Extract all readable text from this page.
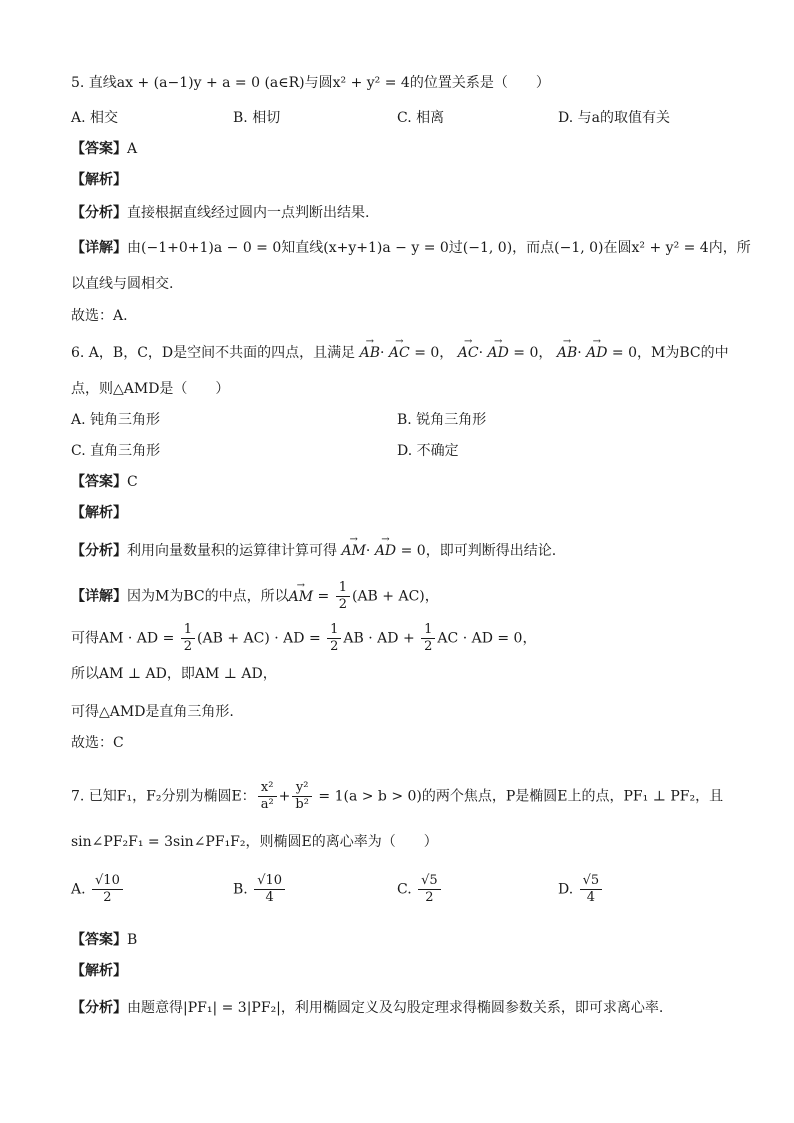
5. 直线ax + (a−1)y + a = 0 (a∈R)与圆x² + y² = 4的位置关系是（　　）
A. 相交	B. 相切	C. 相离	D. 与a的取值有关
【答案】A
【解析】
【分析】直接根据直线经过圆内一点判断出结果.
【详解】由(−1+0+1)a − 0 = 0知直线(x+y+1)a − y = 0过(−1, 0)，而点(−1, 0)在圆x² + y² = 4内，所
以直线与圆相交.
故选：A.
6. A，B，C，D是空间不共面的四点，且满足 → AB· → AC = 0， → AC· → AD = 0， → AB· → AD = 0，M为BC的中
点，则△AMD是（　　）
A. 钝角三角形	B. 锐角三角形
C. 直角三角形	D. 不确定
【答案】C
【解析】
【分析】利用向量数量积的运算律计算可得 → AM· → AD = 0，即可判断得出结论.
【详解】因为M为BC的中点，所以→ AM = $\frac{1}{2} (AB + AC)$，
可得AM · AD = $\frac{1}{2} (AB + AC)$ · AD = $\frac{1}{2}$ AB · AD + $\frac{1}{2}$ AC · AD = 0，
所以AM ⊥ AD，即AM ⊥ AD，
可得△AMD是直角三角形.
故选：C
7. 已知F₁，F₂分别为椭圆E： $\frac{\text{x²}}{\text{a²}} + \frac{\text{y²}}{\text{b²}} = 1(a > b > 0)$的两个焦点，P是椭圆E上的点，PF₁ ⊥ PF₂，且
sin∠PF₂F₁ = 3sin∠PF₁F₂，则椭圆E的离心率为（　　）
A. $\frac{√10}{2}$	B. $\frac{√10}{4}$	C. $\frac{√5}{2}$	D. $\frac{√5}{4}$
【答案】B
【解析】
【分析】由题意得|PF₁| = 3|PF₂|，利用椭圆定义及勾股定理求得椭圆参数关系，即可求离心率.
